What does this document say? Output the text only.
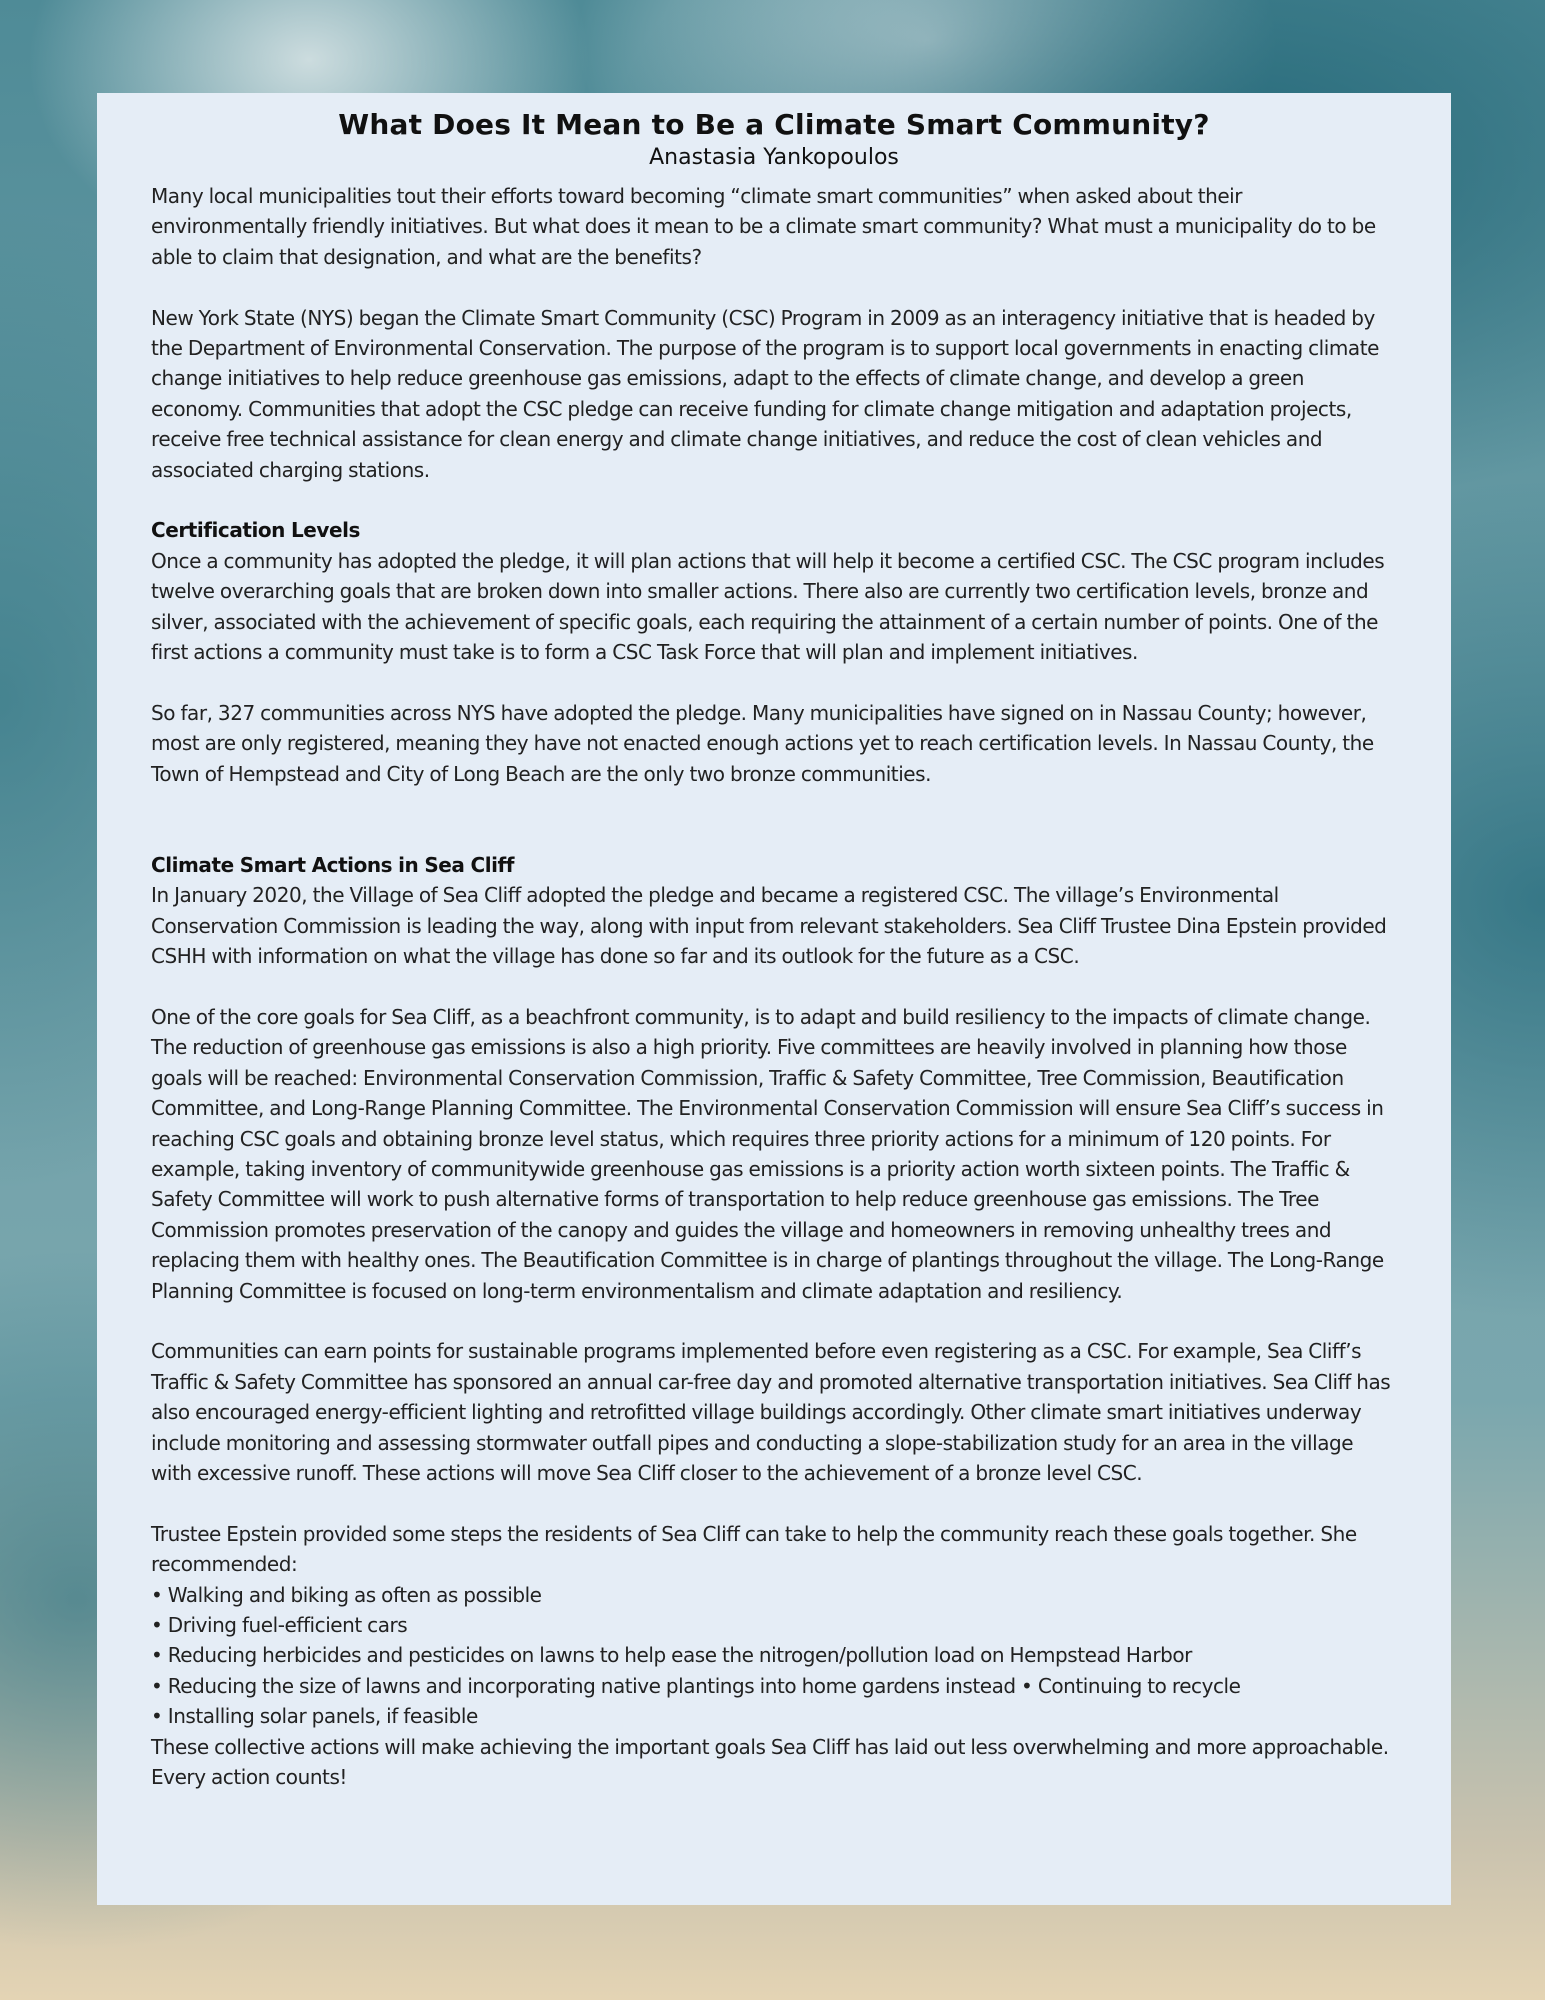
What Does It Mean to Be a Climate Smart Community?
Anastasia Yankopoulos

Many local municipalities tout their efforts toward becoming “climate smart communities” when asked about their environmentally friendly initiatives. But what does it mean to be a climate smart community? What must a municipality do to be able to claim that designation, and what are the benefits?

New York State (NYS) began the Climate Smart Community (CSC) Program in 2009 as an interagency initiative that is headed by the Department of Environmental Conservation. The purpose of the program is to support local governments in enacting climate change initiatives to help reduce greenhouse gas emissions, adapt to the effects of climate change, and develop a green economy. Communities that adopt the CSC pledge can receive funding for climate change mitigation and adaptation projects, receive free technical assistance for clean energy and climate change initiatives, and reduce the cost of clean vehicles and associated charging stations.

Certification Levels
Once a community has adopted the pledge, it will plan actions that will help it become a certified CSC. The CSC program includes twelve overarching goals that are broken down into smaller actions. There also are currently two certification levels, bronze and silver, associated with the achievement of specific goals, each requiring the attainment of a certain number of points. One of the first actions a community must take is to form a CSC Task Force that will plan and implement initiatives.

So far, 327 communities across NYS have adopted the pledge. Many municipalities have signed on in Nassau County; however, most are only registered, meaning they have not enacted enough actions yet to reach certification levels. In Nassau County, the Town of Hempstead and City of Long Beach are the only two bronze communities.

Climate Smart Actions in Sea Cliff
In January 2020, the Village of Sea Cliff adopted the pledge and became a registered CSC. The village’s Environmental Conservation Commission is leading the way, along with input from relevant stakeholders. Sea Cliff Trustee Dina Epstein provided CSHH with information on what the village has done so far and its outlook for the future as a CSC.

One of the core goals for Sea Cliff, as a beachfront community, is to adapt and build resiliency to the impacts of climate change. The reduction of greenhouse gas emissions is also a high priority. Five committees are heavily involved in planning how those goals will be reached: Environmental Conservation Commission, Traffic & Safety Committee, Tree Commission, Beautification Committee, and Long-Range Planning Committee. The Environmental Conservation Commission will ensure Sea Cliff’s success in reaching CSC goals and obtaining bronze level status, which requires three priority actions for a minimum of 120 points. For example, taking inventory of communitywide greenhouse gas emissions is a priority action worth sixteen points. The Traffic & Safety Committee will work to push alternative forms of transportation to help reduce greenhouse gas emissions. The Tree Commission promotes preservation of the canopy and guides the village and homeowners in removing unhealthy trees and replacing them with healthy ones. The Beautification Committee is in charge of plantings throughout the village. The Long-Range Planning Committee is focused on long-term environmentalism and climate adaptation and resiliency.

Communities can earn points for sustainable programs implemented before even registering as a CSC. For example, Sea Cliff’s Traffic & Safety Committee has sponsored an annual car-free day and promoted alternative transportation initiatives. Sea Cliff has also encouraged energy-efficient lighting and retrofitted village buildings accordingly. Other climate smart initiatives underway include monitoring and assessing stormwater outfall pipes and conducting a slope-stabilization study for an area in the village with excessive runoff. These actions will move Sea Cliff closer to the achievement of a bronze level CSC.

Trustee Epstein provided some steps the residents of Sea Cliff can take to help the community reach these goals together. She recommended:
• Walking and biking as often as possible
• Driving fuel-efficient cars
• Reducing herbicides and pesticides on lawns to help ease the nitrogen/pollution load on Hempstead Harbor
• Reducing the size of lawns and incorporating native plantings into home gardens instead • Continuing to recycle
• Installing solar panels, if feasible
These collective actions will make achieving the important goals Sea Cliff has laid out less overwhelming and more approachable. Every action counts!
